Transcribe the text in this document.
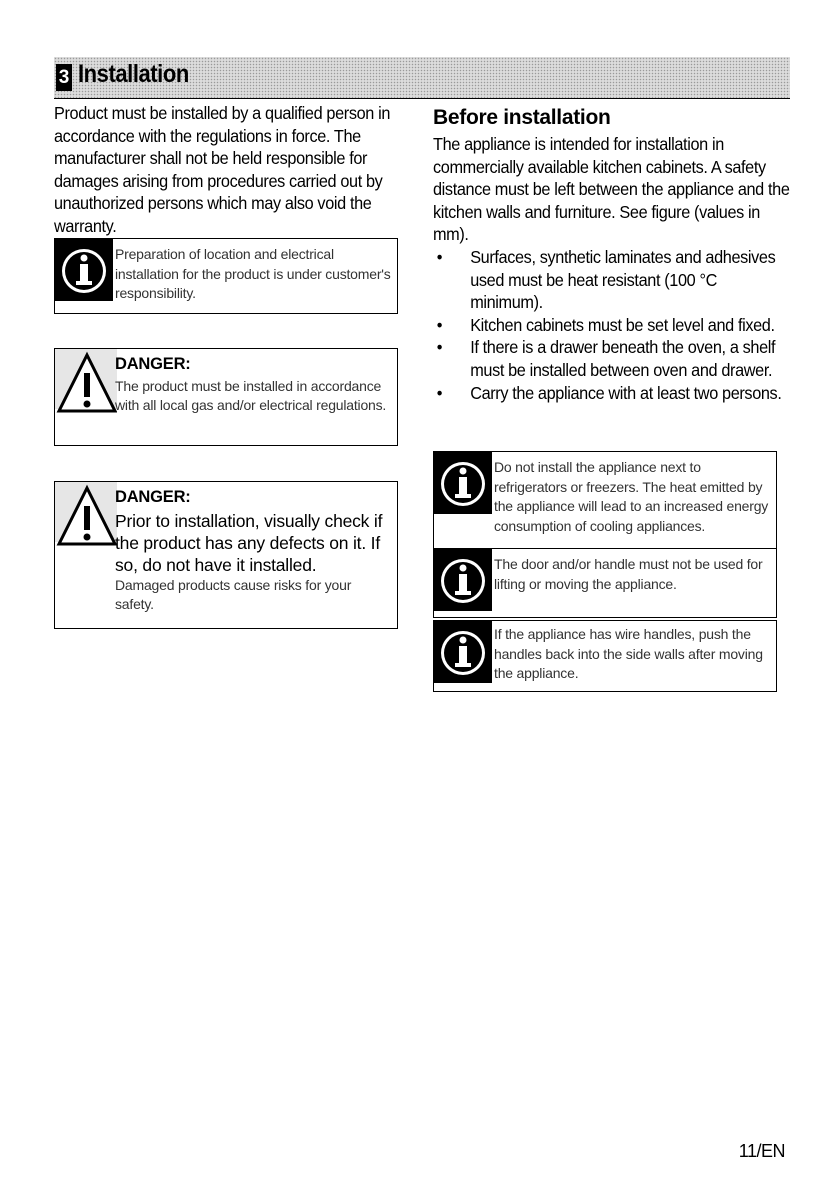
3 Installation

Product must be installed by a qualified person in accordance with the regulations in force. The manufacturer shall not be held responsible for damages arising from procedures carried out by unauthorized persons which may also void the warranty.

Preparation of location and electrical installation for the product is under customer's responsibility.
DANGER:
The product must be installed in accordance with all local gas and/or electrical regulations.
DANGER:
Prior to installation, visually check if the product has any defects on it. If so, do not have it installed.
Damaged products cause risks for your safety.
Before installation
The appliance is intended for installation in commercially available kitchen cabinets. A safety distance must be left between the appliance and the kitchen walls and furniture. See figure (values in mm).
• Surfaces, synthetic laminates and adhesives used must be heat resistant (100 °C minimum).
• Kitchen cabinets must be set level and fixed.
• If there is a drawer beneath the oven, a shelf must be installed between oven and drawer.
• Carry the appliance with at least two persons.
Do not install the appliance next to refrigerators or freezers. The heat emitted by the appliance will lead to an increased energy consumption of cooling appliances.
The door and/or handle must not be used for lifting or moving the appliance.
If the appliance has wire handles, push the handles back into the side walls after moving the appliance.
11/EN
